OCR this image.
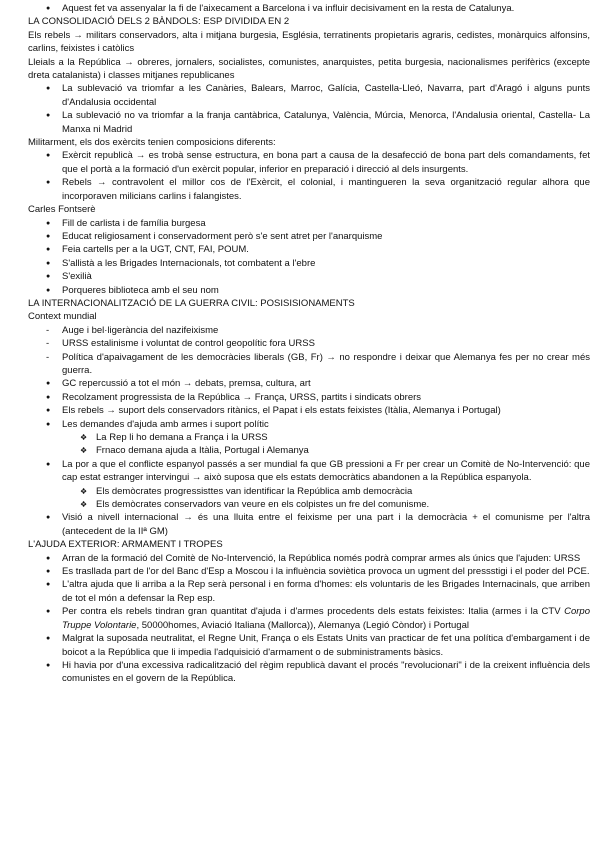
● Aquest fet va assenyalar la fi de l'aixecament a Barcelona i va influir decisivament en la resta de Catalunya.

LA CONSOLIDACIÓ DELS 2 BÀNDOLS: ESP DIVIDIDA EN 2

Els rebels → militars conservadors, alta i mitjana burgesia, Església, terratinents propietaris agraris, cedistes, monàrquics alfonsins, carlins, feixistes i catòlics

Lleials a la República → obreres, jornalers, socialistes, comunistes, anarquistes, petita burgesia, nacionalismes perifèrics (excepte dreta catalanista) i classes mitjanes republicanes

● La sublevació va triomfar a les Canàries, Balears, Marroc, Galícia, Castella-Lleó, Navarra, part d'Aragó i alguns punts d'Andalusia occidental
● La sublevació no va triomfar a la franja cantàbrica, Catalunya, València, Múrcia, Menorca, l'Andalusia oriental, Castella- La Manxa ni Madrid

Militarment, els dos exèrcits tenien composicions diferents:

● Exèrcit republicà → es trobà sense estructura, en bona part a causa de la desafecció de bona part dels comandaments, fet que el portà a la formació d'un exèrcit popular, inferior en preparació i direcció al dels insurgents.
● Rebels → contravolent el millor cos de l'Exèrcit, el colonial, i mantingueren la seva organització regular alhora que incorporaven milicians carlins i falangistes.

Carles Fontserè

● Fill de carlista i de família burgesa
● Educat religiosament i conservadorment però s'e sent atret per l'anarquisme
● Feia cartells per a la UGT, CNT, FAI, POUM.
● S'allistà a les Brigades Internacionals, tot combatent a l'ebre
● S'exilià
● Porqueres biblioteca amb el seu nom

LA INTERNACIONALITZACIÓ DE LA GUERRA CIVIL: POSISISIONAMENTS

Context mundial

- Auge i bel·ligerància del nazifeixisme
- URSS estalinisme i voluntat de control geopolític fora URSS
- Política d'apaivagament de les democràcies liberals (GB, Fr) → no respondre i deixar que Alemanya fes per no crear més guerra.
● GC repercussió a tot el món → debats, premsa, cultura, art
● Recolzament progressista de la República → França, URSS, partits i sindicats obrers
● Els rebels → suport dels conservadors ritànics, el Papat i els estats feixistes (Itàlia, Alemanya i Portugal)
● Les demandes d'ajuda amb armes i suport polític
❖ La Rep li ho demana a França i la URSS
❖ Frnaco demana ajuda a Itàlia, Portugal i Alemanya
● La por a que el conflicte espanyol passés a ser mundial fa que GB pressioni a Fr per crear un Comitè de No-Intervenció: que cap estat estranger intervingui → això suposa que els estats democràtics abandonen a la República espanyola.
❖ Els demòcrates progressisttes van identificar la República amb democràcia
❖ Els demòcrates conservadors van veure en els colpistes un fre del comunisme.
● Visió a nivell internacional → és una lluita entre el feixisme per una part i la democràcia + el comunisme per l'altra (antecedent de la IIª GM)

L'AJUDA EXTERIOR: ARMAMENT I TROPES

● Arran de la formació del Comitè de No-Intervenció, la República només podrà comprar armes als únics que l'ajuden: URSS
● Es traslladа part de l'or del Banc d'Esp a Moscou i la influència soviètica provoca un ugment del pressstigi i el poder del PCE.
● L'altra ajuda que li arriba a la Rep serà personal i en forma d'homes: els voluntaris de les Brigades Internacinals, que arriben de tot el món a defensar la Rep esp.
● Per contra els rebels tindran gran quantitat d'ajuda i d'armes procedents dels estats feixistes: Italia (armes i la CTV Corpo Truppe Volontarie, 50000homes, Aviació Italiana (Mallorca)), Alemanya (Legió Còndor) i Portugal
● Malgrat la suposada neutralitat, el Regne Unit, França o els Estats Units van practicar de fet una política d'embargament i de boicot a la República que li impedia l'adquisició d'armament o de subministraments bàsics.
● Hi havia por d'una excessiva radicalització del règim republicà davant el procés "revolucionari" i de la creixent influència dels comunistes en el govern de la República.
